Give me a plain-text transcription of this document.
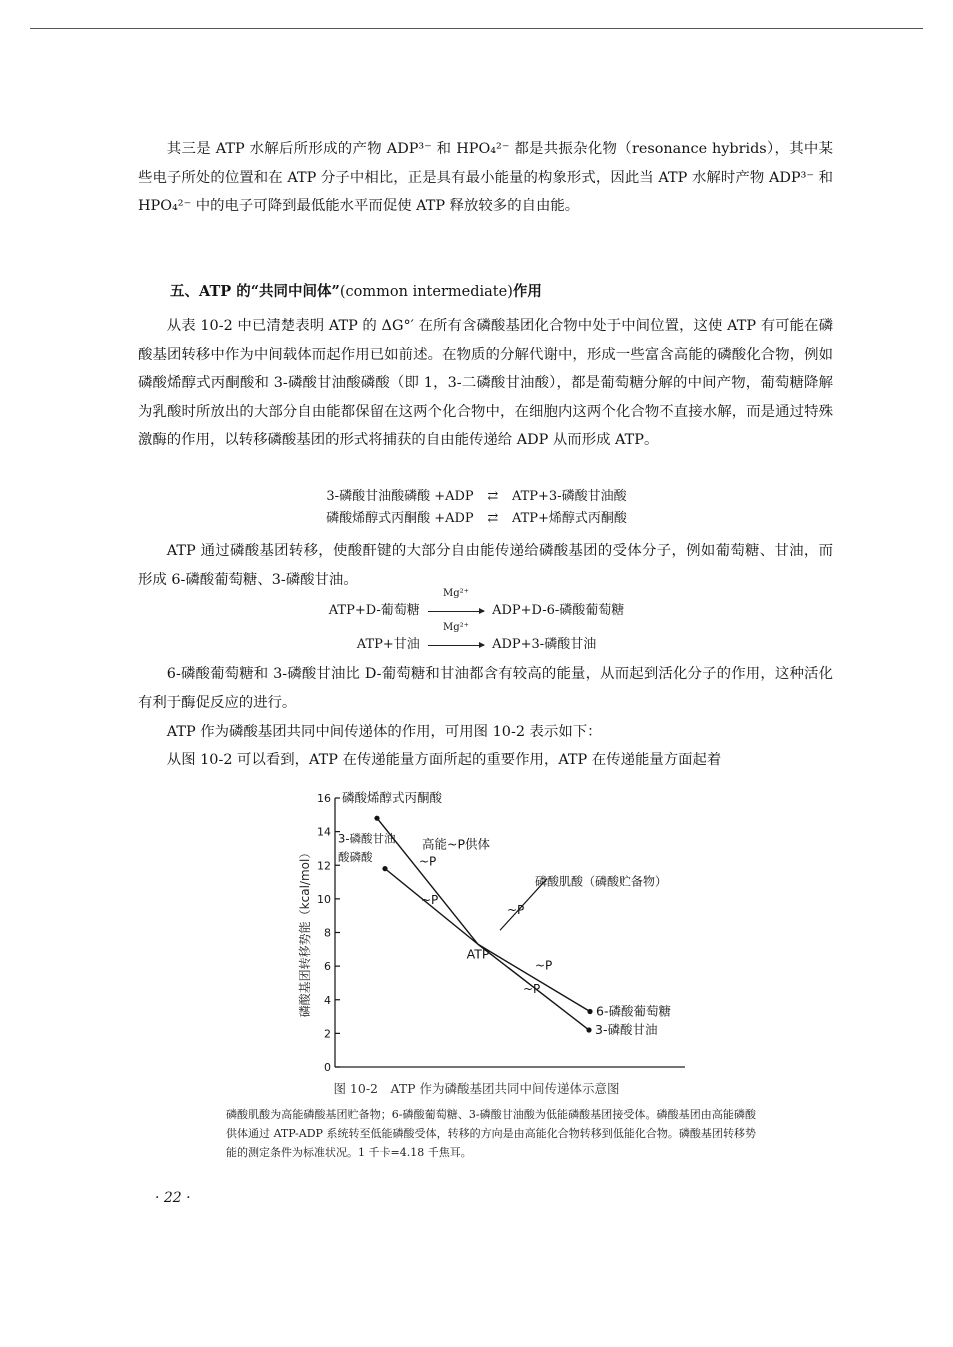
其三是 ATP 水解后所形成的产物 ADP³⁻ 和 HPO₄²⁻ 都是共振杂化物（resonance hybrids），其中某些电子所处的位置和在 ATP 分子中相比，正是具有最小能量的构象形式，因此当 ATP 水解时产物 ADP³⁻ 和 HPO₄²⁻ 中的电子可降到最低能水平而促使 ATP 释放较多的自由能。

五、ATP 的“共同中间体”(common intermediate)作用

从表 10-2 中已清楚表明 ATP 的 ΔG°′ 在所有含磷酸基团化合物中处于中间位置，这使 ATP 有可能在磷酸基团转移中作为中间载体而起作用已如前述。在物质的分解代谢中，形成一些富含高能的磷酸化合物，例如磷酸烯醇式丙酮酸和 3-磷酸甘油酸磷酸（即 1，3-二磷酸甘油酸），都是葡萄糖分解的中间产物，葡萄糖降解为乳酸时所放出的大部分自由能都保留在这两个化合物中，在细胞内这两个化合物不直接水解，而是通过特殊激酶的作用，以转移磷酸基团的形式将捕获的自由能传递给 ADP 从而形成 ATP。

3-磷酸甘油酸磷酸 +ADP ⇄ ATP+3-磷酸甘油酸
磷酸烯醇式丙酮酸 +ADP ⇄ ATP+烯醇式丙酮酸

ATP 通过磷酸基团转移，使酸酐键的大部分自由能传递给磷酸基团的受体分子，例如葡萄糖、甘油，而形成 6-磷酸葡萄糖、3-磷酸甘油。

ATP+D-葡萄糖
Mg²⁺
ADP+D-6-磷酸葡萄糖
ATP+甘油
Mg²⁺
ADP+3-磷酸甘油

6-磷酸葡萄糖和 3-磷酸甘油比 D-葡萄糖和甘油都含有较高的能量，从而起到活化分子的作用，这种活化有利于酶促反应的进行。

ATP 作为磷酸基团共同中间传递体的作用，可用图 10-2 表示如下：

从图 10-2 可以看到，ATP 在传递能量方面所起的重要作用，ATP 在传递能量方面起着

0
2
4
6
8
10
12
14
16
磷酸基团转移势能（kcal/mol）
磷酸烯醇式丙酮酸
3-磷酸甘油
酸磷酸
ATP
6-磷酸葡萄糖
3-磷酸甘油
~P
~P
~P
~P
~P
高能~P供体
磷酸肌酸（磷酸贮备物）
图 10-2　ATP 作为磷酸基团共同中间传递体示意图

磷酸肌酸为高能磷酸基团贮备物；6-磷酸葡萄糖、3-磷酸甘油酸为低能磷酸基团接受体。磷酸基团由高能磷酸供体通过 ATP-ADP 系统转至低能磷酸受体，转移的方向是由高能化合物转移到低能化合物。磷酸基团转移势能的测定条件为标准状况。1 千卡=4.18 千焦耳。

· 22 ·
